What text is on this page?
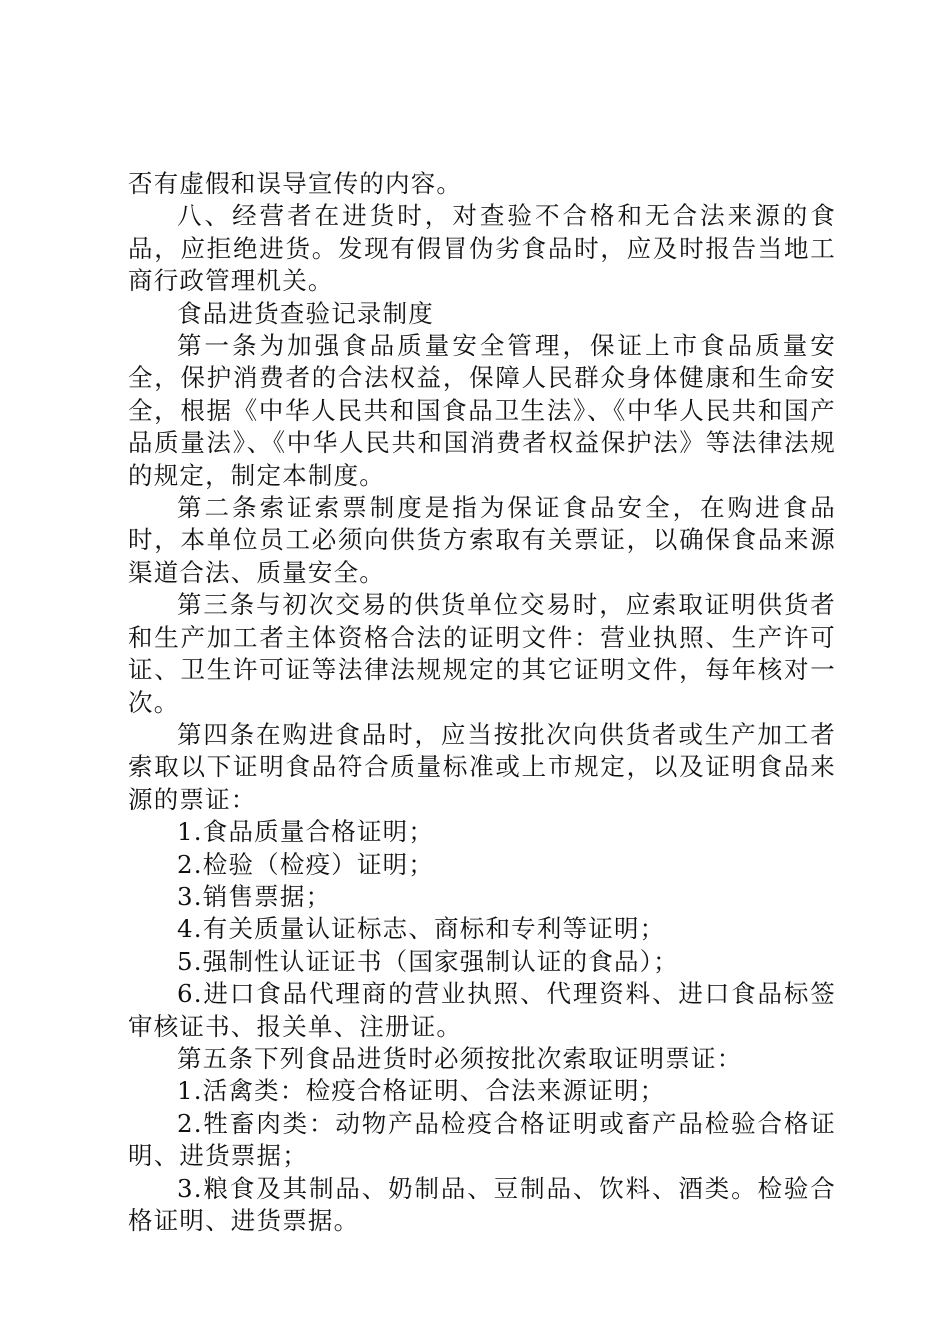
否有虚假和误导宣传的内容。

八、经营者在进货时，对查验不合格和无合法来源的食品，应拒绝进货。发现有假冒伪劣食品时，应及时报告当地工商行政管理机关。

食品进货查验记录制度

第一条为加强食品质量安全管理，保证上市食品质量安全，保护消费者的合法权益，保障人民群众身体健康和生命安全，根据《中华人民共和国食品卫生法》、《中华人民共和国产品质量法》、《中华人民共和国消费者权益保护法》等法律法规的规定，制定本制度。

第二条索证索票制度是指为保证食品安全，在购进食品时，本单位员工必须向供货方索取有关票证，以确保食品来源渠道合法、质量安全。

第三条与初次交易的供货单位交易时，应索取证明供货者和生产加工者主体资格合法的证明文件：营业执照、生产许可证、卫生许可证等法律法规规定的其它证明文件，每年核对一次。

第四条在购进食品时，应当按批次向供货者或生产加工者索取以下证明食品符合质量标准或上市规定，以及证明食品来源的票证：

1.食品质量合格证明；

2.检验（检疫）证明；

3.销售票据；

4.有关质量认证标志、商标和专利等证明；

5.强制性认证证书（国家强制认证的食品）；

6.进口食品代理商的营业执照、代理资料、进口食品标签审核证书、报关单、注册证。

第五条下列食品进货时必须按批次索取证明票证：

1.活禽类：检疫合格证明、合法来源证明；

2.牲畜肉类：动物产品检疫合格证明或畜产品检验合格证明、进货票据；

3.粮食及其制品、奶制品、豆制品、饮料、酒类。检验合格证明、进货票据。
